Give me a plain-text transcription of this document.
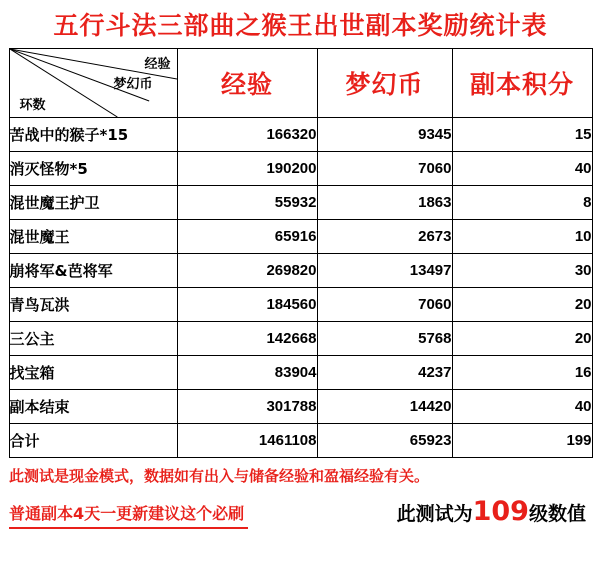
五行斗法三部曲之猴王出世副本奖励统计表
经验
梦幻币
环数	经验	梦幻币	副本积分
苦战中的猴子*15	166320	9345	15
消灭怪物*5	190200	7060	40
混世魔王护卫	55932	1863	8
混世魔王	65916	2673	10
崩将军&芭将军	269820	13497	30
青鸟瓦洪	184560	7060	20
三公主	142668	5768	20
找宝箱	83904	4237	16
副本结束	301788	14420	40
合计	1461108	65923	199
此测试是现金模式，数据如有出入与储备经验和盈福经验有关。
普通副本4天一更新建议这个必刷	此测试为109级数值
